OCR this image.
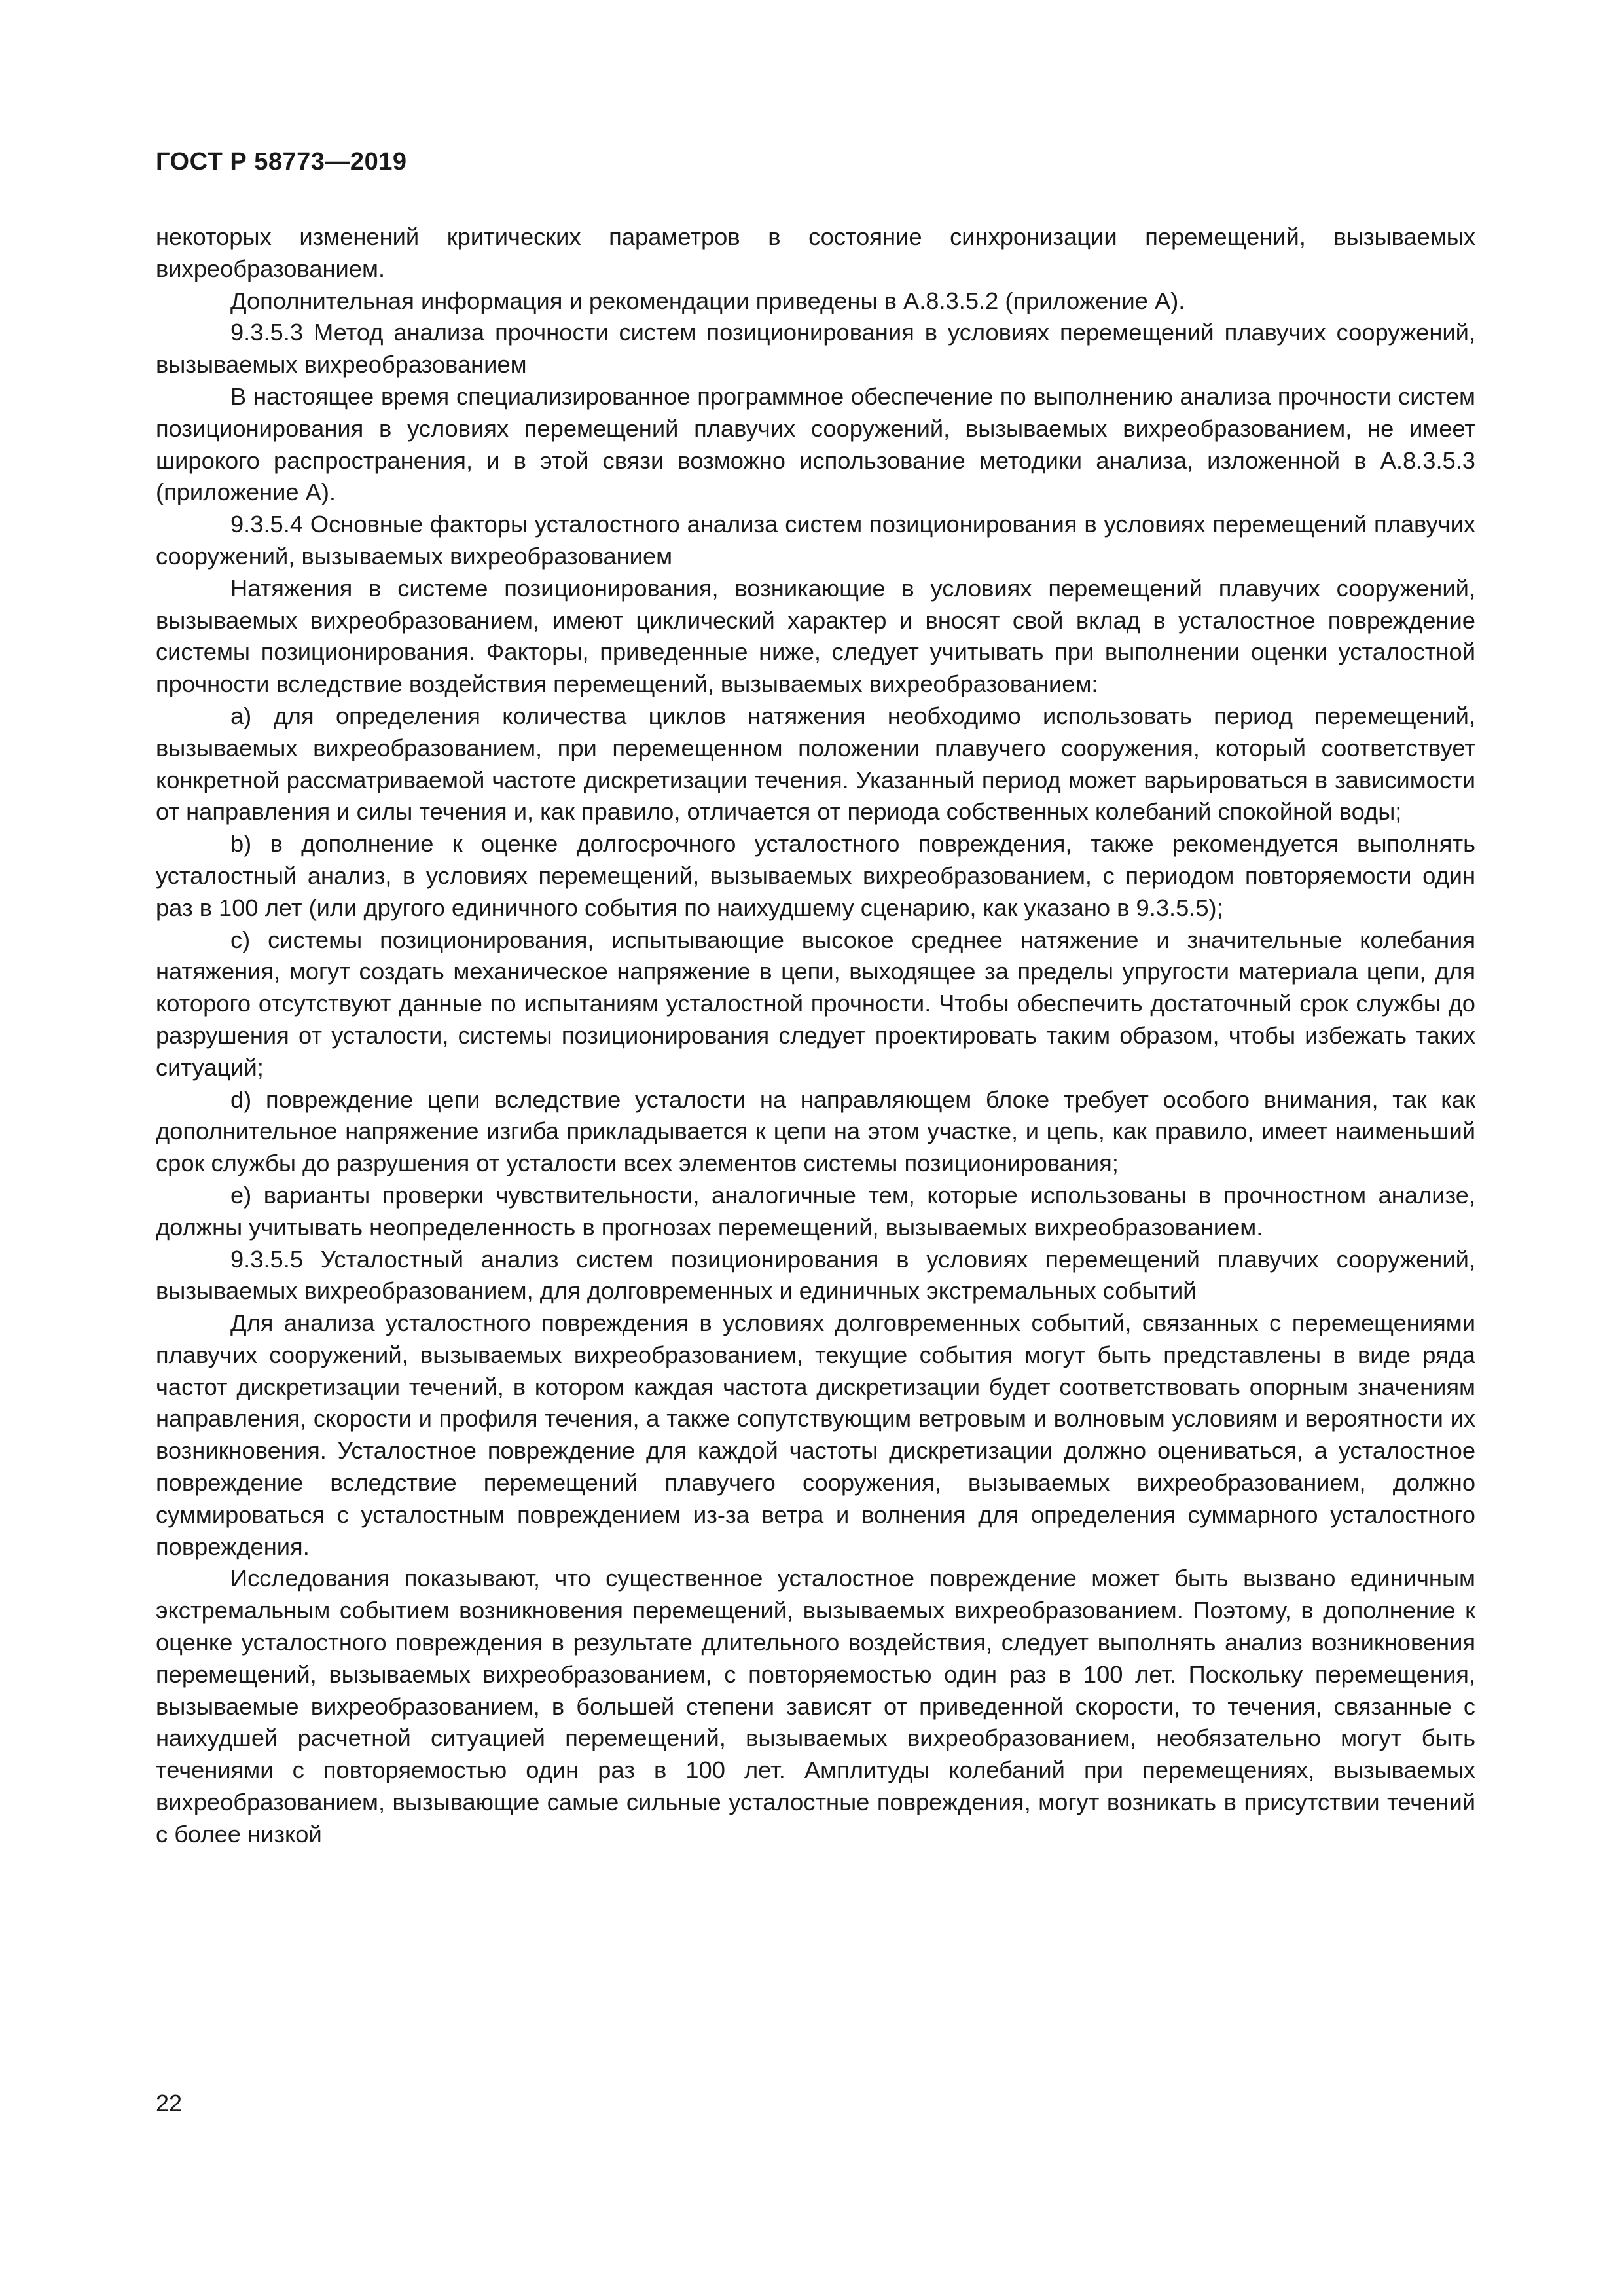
ГОСТ Р 58773—2019

некоторых изменений критических параметров в состояние синхронизации перемещений, вызываемых вихреобразованием.

Дополнительная информация и рекомендации приведены в А.8.3.5.2 (приложение А).

9.3.5.3 Метод анализа прочности систем позиционирования в условиях перемещений плавучих сооружений, вызываемых вихреобразованием

В настоящее время специализированное программное обеспечение по выполнению анализа прочности систем позиционирования в условиях перемещений плавучих сооружений, вызываемых вихреобразованием, не имеет широкого распространения, и в этой связи возможно использование методики анализа, изложенной в А.8.3.5.3 (приложение А).

9.3.5.4 Основные факторы усталостного анализа систем позиционирования в условиях перемещений плавучих сооружений, вызываемых вихреобразованием

Натяжения в системе позиционирования, возникающие в условиях перемещений плавучих сооружений, вызываемых вихреобразованием, имеют циклический характер и вносят свой вклад в усталостное повреждение системы позиционирования. Факторы, приведенные ниже, следует учитывать при выполнении оценки усталостной прочности вследствие воздействия перемещений, вызываемых вихреобразованием:

a) для определения количества циклов натяжения необходимо использовать период перемещений, вызываемых вихреобразованием, при перемещенном положении плавучего сооружения, который соответствует конкретной рассматриваемой частоте дискретизации течения. Указанный период может варьироваться в зависимости от направления и силы течения и, как правило, отличается от периода собственных колебаний спокойной воды;

b) в дополнение к оценке долгосрочного усталостного повреждения, также рекомендуется выполнять усталостный анализ, в условиях перемещений, вызываемых вихреобразованием, с периодом повторяемости один раз в 100 лет (или другого единичного события по наихудшему сценарию, как указано в 9.3.5.5);

c) системы позиционирования, испытывающие высокое среднее натяжение и значительные колебания натяжения, могут создать механическое напряжение в цепи, выходящее за пределы упругости материала цепи, для которого отсутствуют данные по испытаниям усталостной прочности. Чтобы обеспечить достаточный срок службы до разрушения от усталости, системы позиционирования следует проектировать таким образом, чтобы избежать таких ситуаций;

d) повреждение цепи вследствие усталости на направляющем блоке требует особого внимания, так как дополнительное напряжение изгиба прикладывается к цепи на этом участке, и цепь, как правило, имеет наименьший срок службы до разрушения от усталости всех элементов системы позиционирования;

e) варианты проверки чувствительности, аналогичные тем, которые использованы в прочностном анализе, должны учитывать неопределенность в прогнозах перемещений, вызываемых вихреобразованием.

9.3.5.5 Усталостный анализ систем позиционирования в условиях перемещений плавучих сооружений, вызываемых вихреобразованием, для долговременных и единичных экстремальных событий

Для анализа усталостного повреждения в условиях долговременных событий, связанных с перемещениями плавучих сооружений, вызываемых вихреобразованием, текущие события могут быть представлены в виде ряда частот дискретизации течений, в котором каждая частота дискретизации будет соответствовать опорным значениям направления, скорости и профиля течения, а также сопутствующим ветровым и волновым условиям и вероятности их возникновения. Усталостное повреждение для каждой частоты дискретизации должно оцениваться, а усталостное повреждение вследствие перемещений плавучего сооружения, вызываемых вихреобразованием, должно суммироваться с усталостным повреждением из-за ветра и волнения для определения суммарного усталостного повреждения.

Исследования показывают, что существенное усталостное повреждение может быть вызвано единичным экстремальным событием возникновения перемещений, вызываемых вихреобразованием. Поэтому, в дополнение к оценке усталостного повреждения в результате длительного воздействия, следует выполнять анализ возникновения перемещений, вызываемых вихреобразованием, с повторяемостью один раз в 100 лет. Поскольку перемещения, вызываемые вихреобразованием, в большей степени зависят от приведенной скорости, то течения, связанные с наихудшей расчетной ситуацией перемещений, вызываемых вихреобразованием, необязательно могут быть течениями с повторяемостью один раз в 100 лет. Амплитуды колебаний при перемещениях, вызываемых вихреобразованием, вызывающие самые сильные усталостные повреждения, могут возникать в присутствии течений с более низкой

22
